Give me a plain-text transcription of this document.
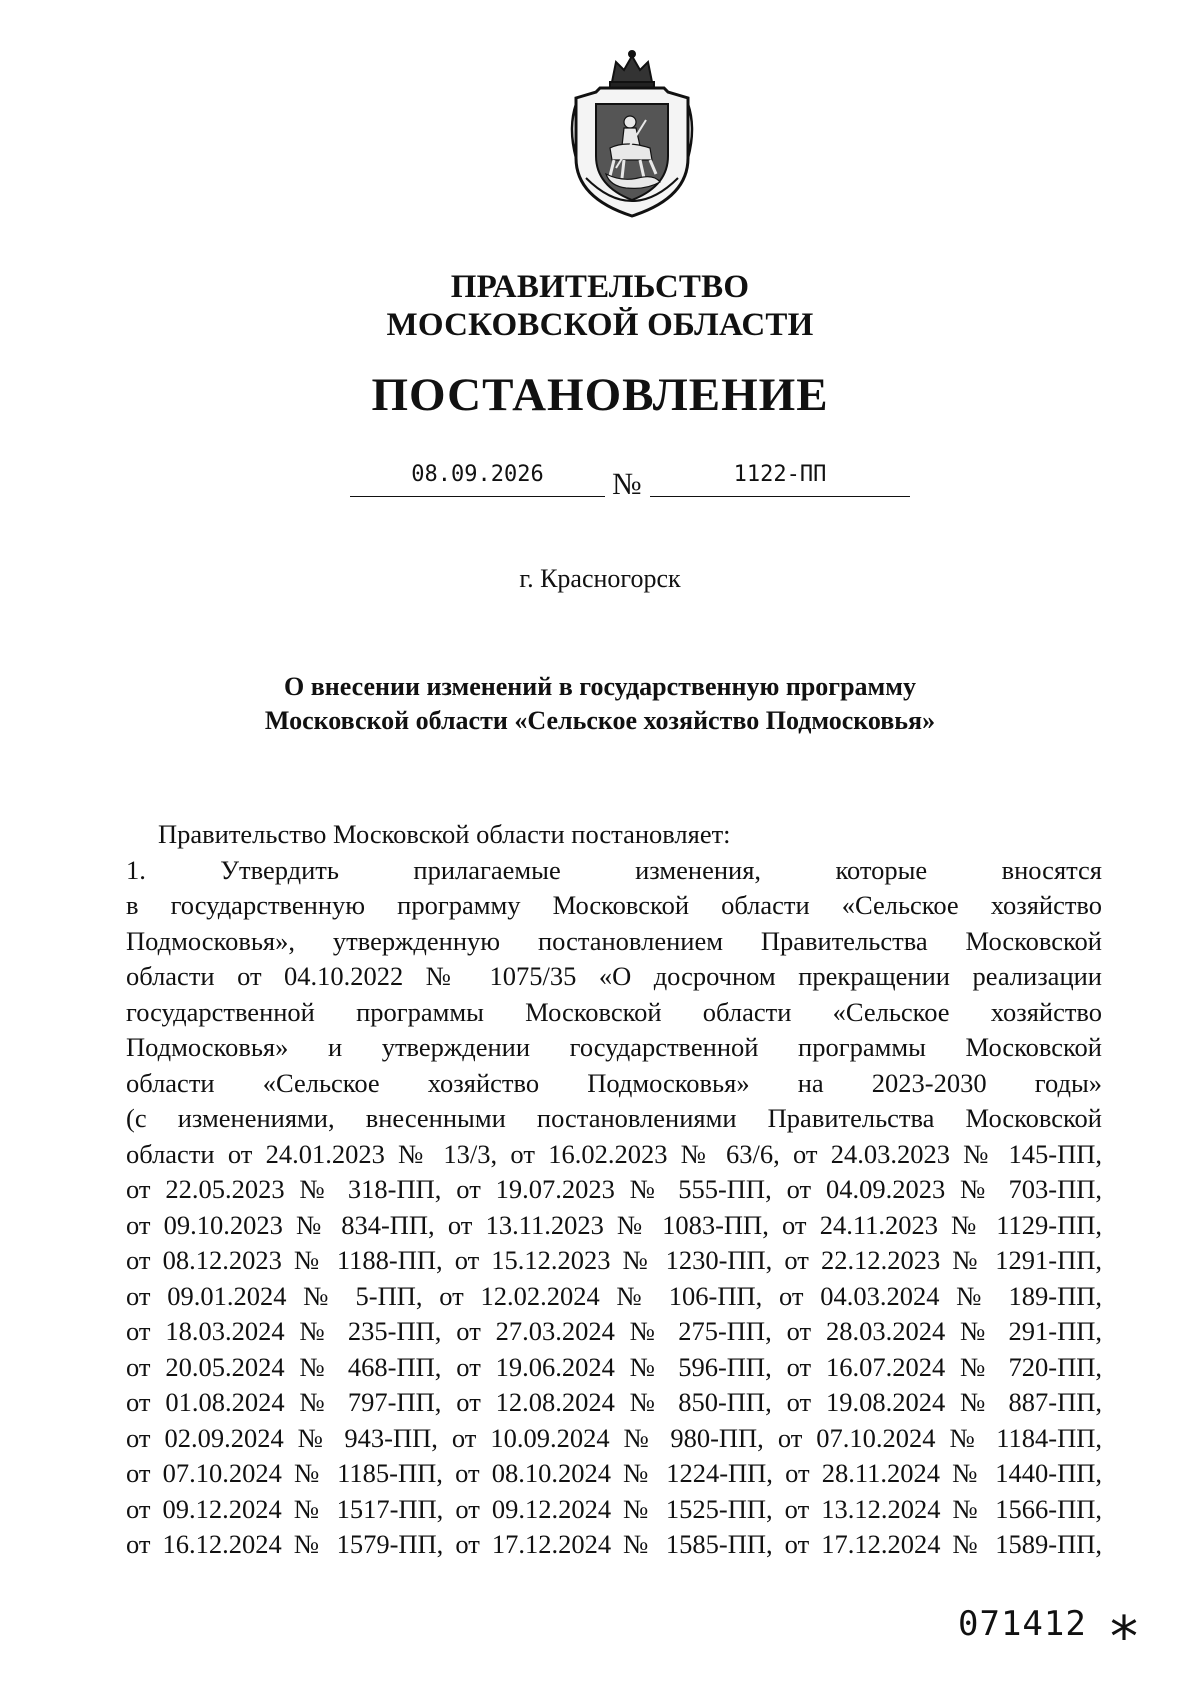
ПРАВИТЕЛЬСТВО
МОСКОВСКОЙ ОБЛАСТИ
ПОСТАНОВЛЕНИЕ
08.09.2026	№	1122-ПП
г. Красногорск
О внесении изменений в государственную программу
Московской области «Сельское хозяйство Подмосковья»
Правительство Московской области постановляет:
1. Утвердить прилагаемые изменения, которые вносятся
в государственную программу Московской области «Сельское хозяйство
Подмосковья», утвержденную постановлением Правительства Московской
области от 04.10.2022 № 1075/35 «О досрочном прекращении реализации
государственной программы Московской области «Сельское хозяйство
Подмосковья» и утверждении государственной программы Московской
области «Сельское хозяйство Подмосковья» на 2023-2030 годы»
(с изменениями, внесенными постановлениями Правительства Московской
области от 24.01.2023 № 13/3, от 16.02.2023 № 63/6, от 24.03.2023 № 145-ПП,
от 22.05.2023 № 318-ПП, от 19.07.2023 № 555-ПП, от 04.09.2023 № 703-ПП,
от 09.10.2023 № 834-ПП, от 13.11.2023 № 1083-ПП, от 24.11.2023 № 1129-ПП,
от 08.12.2023 № 1188-ПП, от 15.12.2023 № 1230-ПП, от 22.12.2023 № 1291-ПП,
от 09.01.2024 № 5-ПП, от 12.02.2024 № 106-ПП, от 04.03.2024 № 189-ПП,
от 18.03.2024 № 235-ПП, от 27.03.2024 № 275-ПП, от 28.03.2024 № 291-ПП,
от 20.05.2024 № 468-ПП, от 19.06.2024 № 596-ПП, от 16.07.2024 № 720-ПП,
от 01.08.2024 № 797-ПП, от 12.08.2024 № 850-ПП, от 19.08.2024 № 887-ПП,
от 02.09.2024 № 943-ПП, от 10.09.2024 № 980-ПП, от 07.10.2024 № 1184-ПП,
от 07.10.2024 № 1185-ПП, от 08.10.2024 № 1224-ПП, от 28.11.2024 № 1440-ПП,
от 09.12.2024 № 1517-ПП, от 09.12.2024 № 1525-ПП, от 13.12.2024 № 1566-ПП,
от 16.12.2024 № 1579-ПП, от 17.12.2024 № 1585-ПП, от 17.12.2024 № 1589-ПП,
071412 *
